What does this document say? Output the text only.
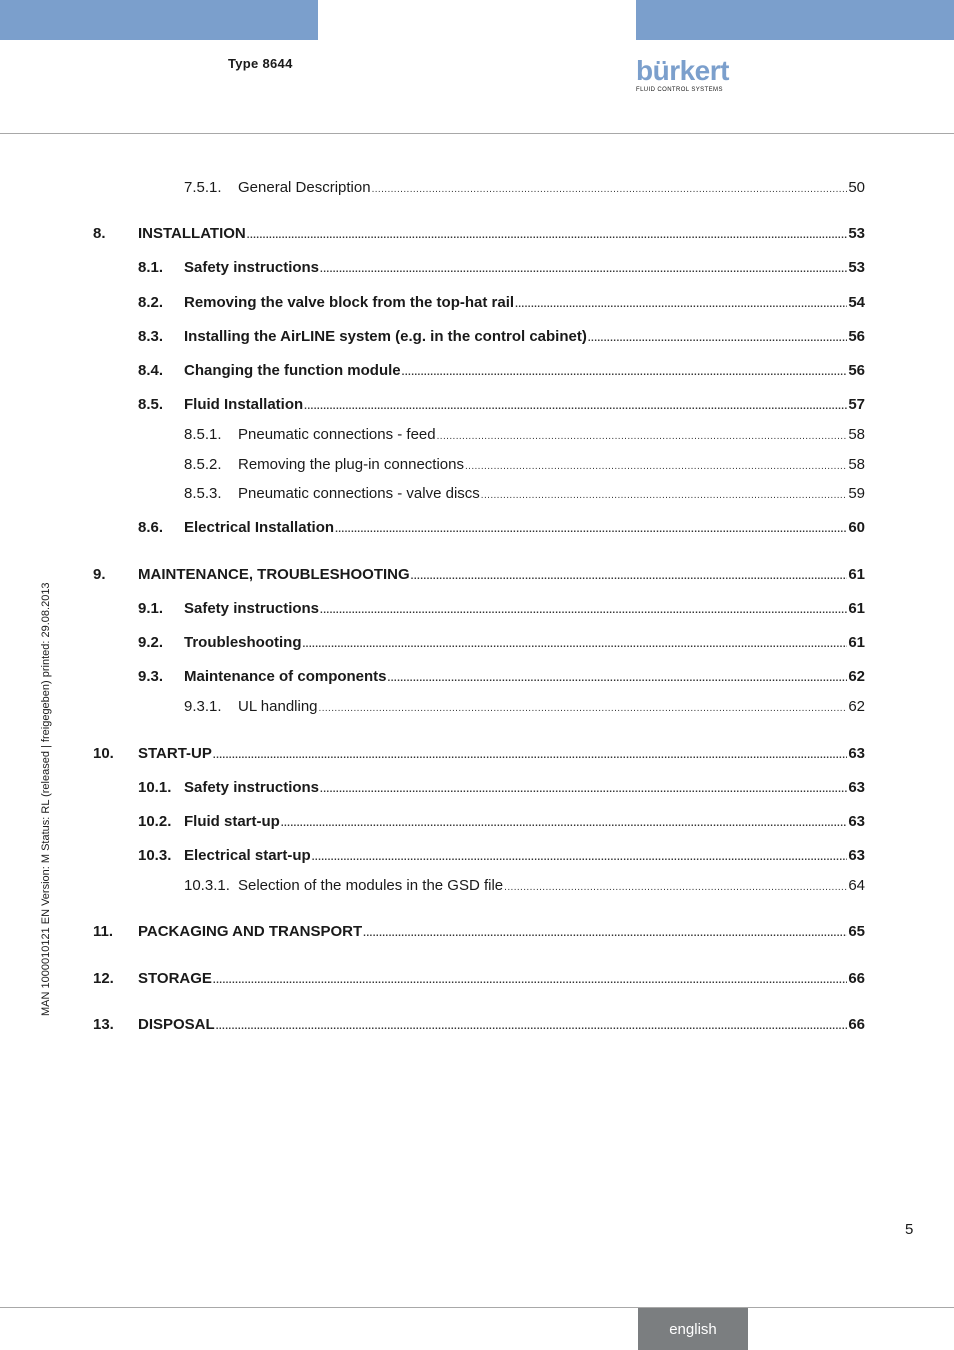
Type 8644	bürkert
FLUID CONTROL SYSTEMS
MAN 1000010121 EN Version: M Status: RL (released | freigegeben) printed: 29.08.2013
7.5.1. General Description .....	50
8. INSTALLATION .....	53
8.1. Safety instructions .....	53
8.2. Removing the valve block from the top-hat rail .....	54
8.3. Installing the AirLINE system (e.g. in the control cabinet) .....	56
8.4. Changing the function module .....	56
8.5. Fluid Installation .....	57
8.5.1. Pneumatic connections - feed .....	58
8.5.2. Removing the plug-in connections .....	58
8.5.3. Pneumatic connections - valve discs .....	59
8.6. Electrical Installation .....	60
9. MAINTENANCE, TROUBLESHOOTING .....	61
9.1. Safety instructions .....	61
9.2. Troubleshooting .....	61
9.3. Maintenance of components .....	62
9.3.1. UL handling .....	62
10. START-UP .....	63
10.1. Safety instructions .....	63
10.2. Fluid start-up .....	63
10.3. Electrical start-up .....	63
10.3.1. Selection of the modules in the GSD file .....	64
11. PACKAGING AND TRANSPORT .....	65
12. STORAGE .....	66
13. DISPOSAL .....	66
5
english
